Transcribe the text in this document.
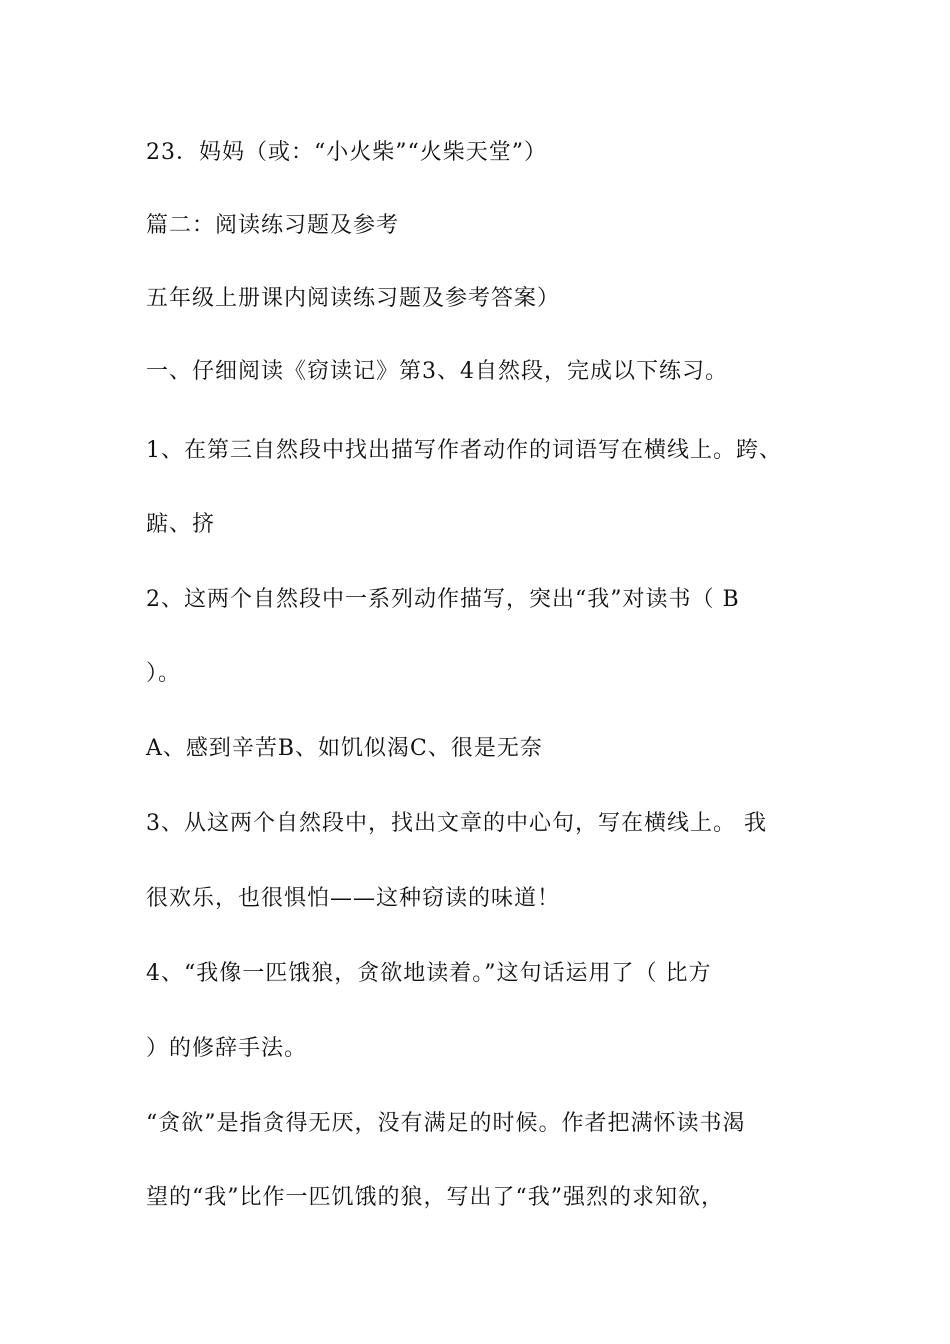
23．妈妈（或：“小火柴”“火柴天堂”）
篇二：阅读练习题及参考
五年级上册课内阅读练习题及参考答案）
一、仔细阅读《窃读记》第3、4自然段，完成以下练习。
1、在第三自然段中找出描写作者动作的词语写在横线上。跨、
踮、挤
2、这两个自然段中一系列动作描写，突出“我”对读书（ B
）。
A、感到辛苦B、如饥似渴C、很是无奈
3、从这两个自然段中，找出文章的中心句，写在横线上。 我
很欢乐，也很惧怕——这种窃读的味道！
4、“我像一匹饿狼，贪欲地读着。”这句话运用了（ 比方
）的修辞手法。
“贪欲”是指贪得无厌，没有满足的时候。作者把满怀读书渴
望的“我”比作一匹饥饿的狼，写出了“我”强烈的求知欲，
